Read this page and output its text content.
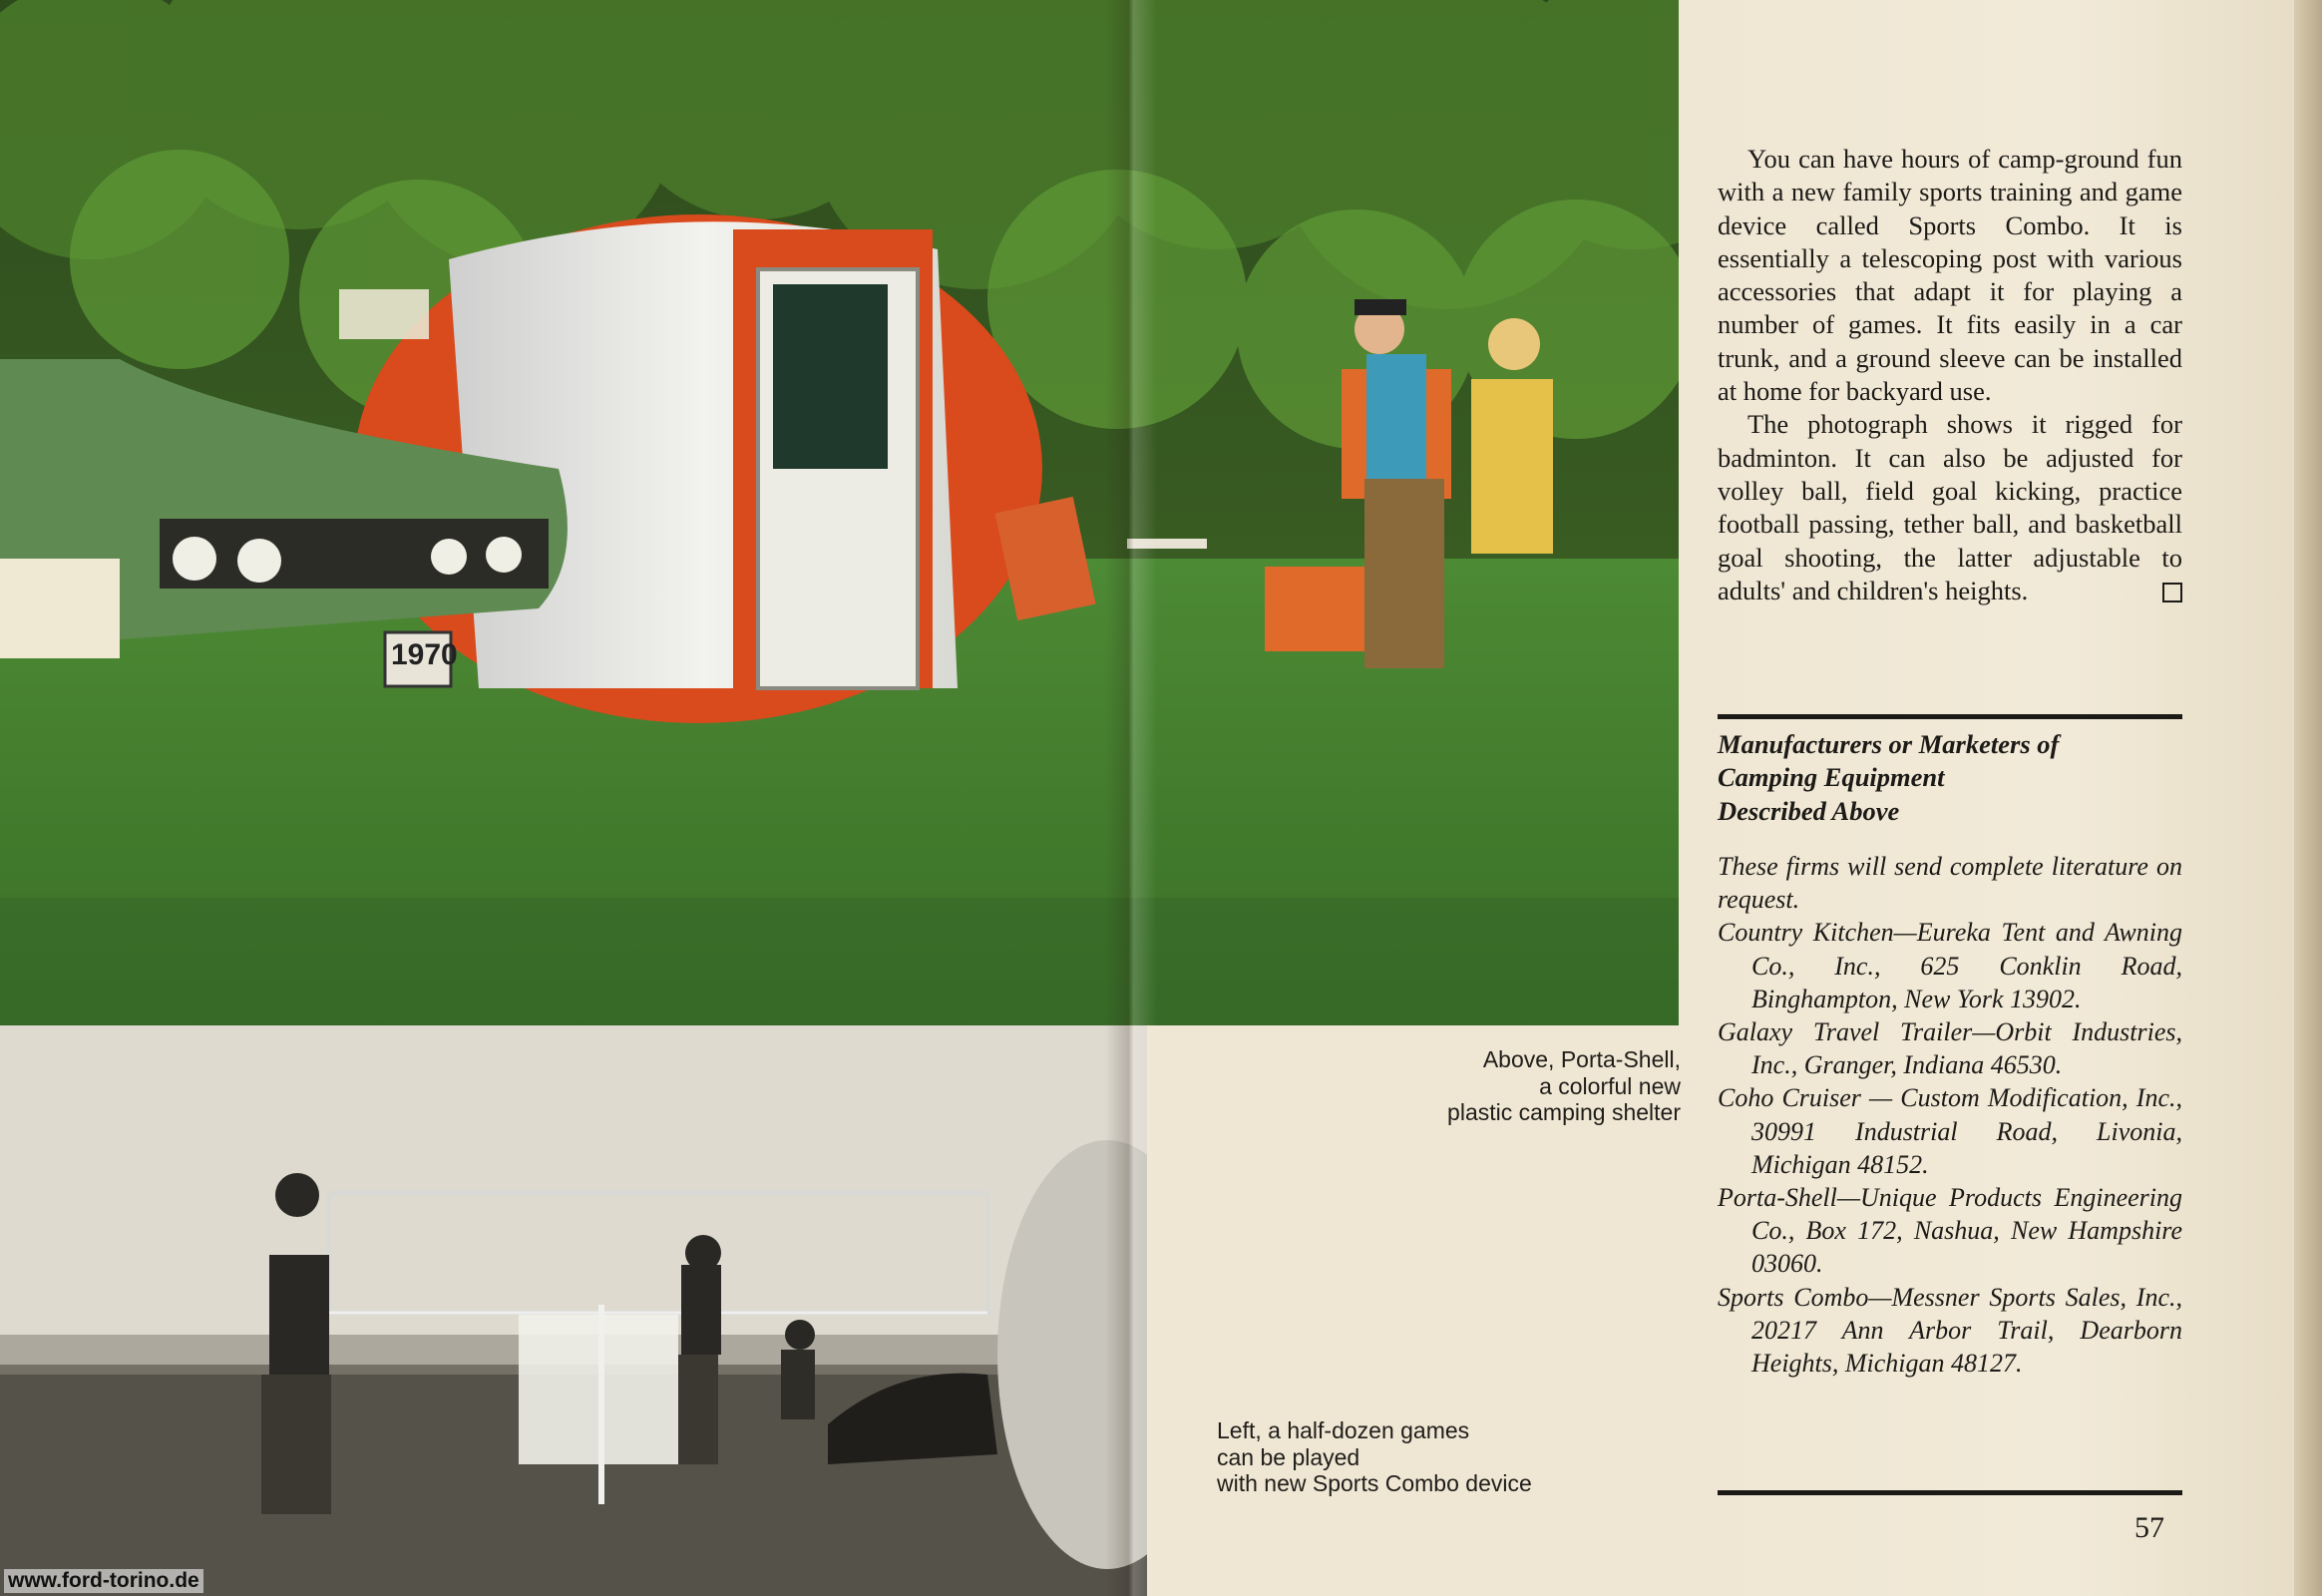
1970

You can have hours of camp-ground fun with a new family sports training and game device called Sports Combo. It is essentially a telescoping post with various accessories that adapt it for playing a number of games. It fits easily in a car trunk, and a ground sleeve can be installed at home for backyard use.

The photograph shows it rigged for badminton. It can also be adjusted for volley ball, field goal kicking, practice football passing, tether ball, and basketball goal shooting, the latter adjustable to adults' and children's heights.

Manufacturers or Marketers of
Camping Equipment
Described Above
These firms will send complete literature on request.
Country Kitchen—Eureka Tent and Awning Co., Inc., 625 Conklin Road, Binghampton, New York 13902.
Galaxy Travel Trailer—Orbit Industries, Inc., Granger, Indiana 46530.
Coho Cruiser — Custom Modification, Inc., 30991 Industrial Road, Livonia, Michigan 48152.
Porta-Shell—Unique Products Engineering Co., Box 172, Nashua, New Hampshire 03060.
Sports Combo—Messner Sports Sales, Inc., 20217 Ann Arbor Trail, Dearborn Heights, Michigan 48127.
57
Above, Porta-Shell,
a colorful new
plastic camping shelter
Left, a half-dozen games
can be played
with new Sports Combo device
www.ford-torino.de
